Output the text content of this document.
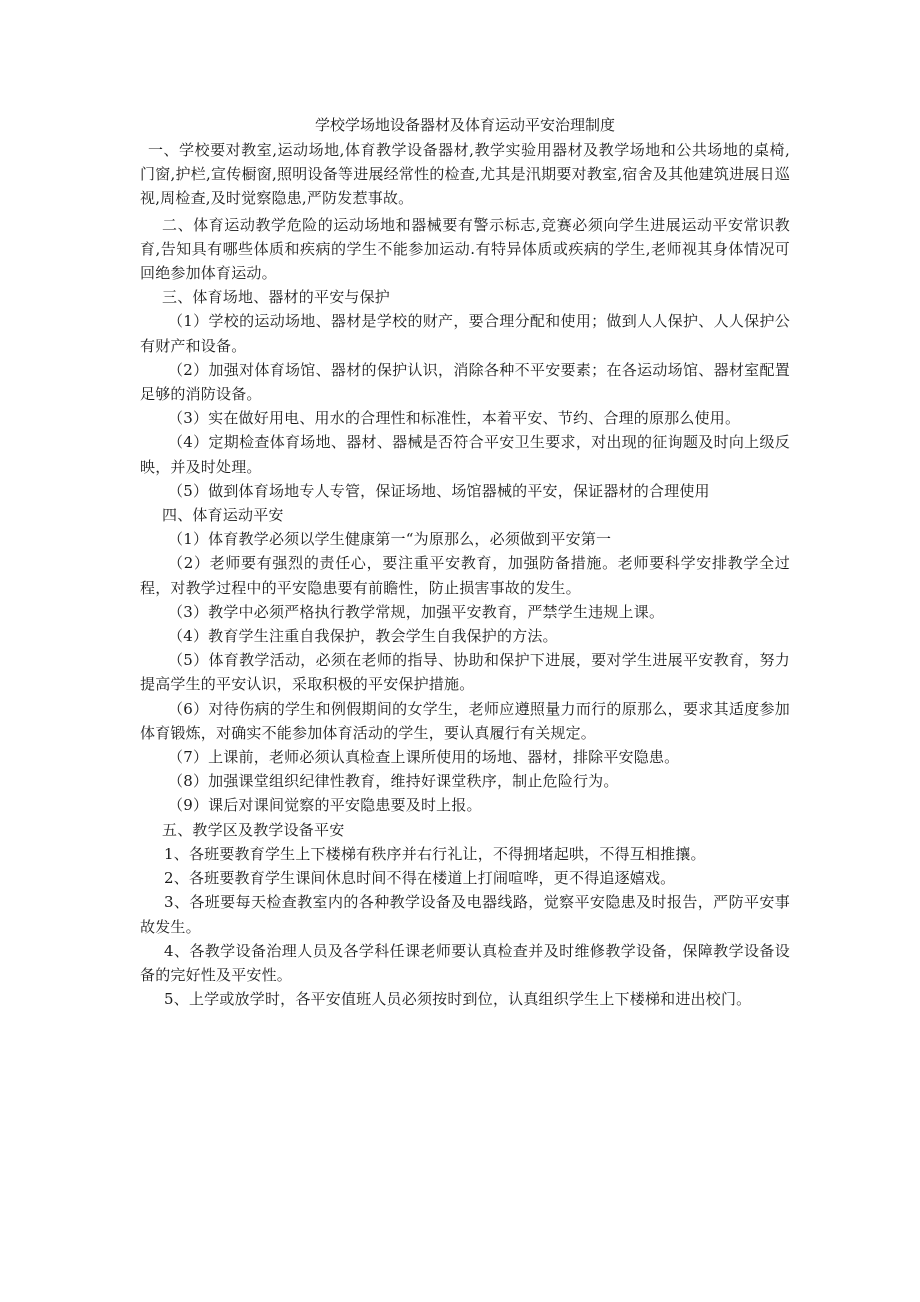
学校学场地设备器材及体育运动平安治理制度

一、学校要对教室,运动场地,体育教学设备器材,教学实验用器材及教学场地和公共场地的桌椅,门窗,护栏,宣传橱窗,照明设备等进展经常性的检查,尤其是汛期要对教室,宿舍及其他建筑进展日巡视,周检查,及时觉察隐患,严防发惹事故。

二、体育运动教学危险的运动场地和器械要有警示标志,竞赛必须向学生进展运动平安常识教育,告知具有哪些体质和疾病的学生不能参加运动.有特异体质或疾病的学生,老师视其身体情况可回绝参加体育运动。

三、体育场地、器材的平安与保护

（1）学校的运动场地、器材是学校的财产，要合理分配和使用；做到人人保护、人人保护公有财产和设备。

（2）加强对体育场馆、器材的保护认识，消除各种不平安要素；在各运动场馆、器材室配置足够的消防设备。

（3）实在做好用电、用水的合理性和标准性，本着平安、节约、合理的原那么使用。

（4）定期检查体育场地、器材、器械是否符合平安卫生要求，对出现的征询题及时向上级反映，并及时处理。

（5）做到体育场地专人专管，保证场地、场馆器械的平安，保证器材的合理使用

四、体育运动平安

（1）体育教学必须以学生健康第一“为原那么，必须做到平安第一

（2）老师要有强烈的责任心，要注重平安教育，加强防备措施。老师要科学安排教学全过程，对教学过程中的平安隐患要有前瞻性，防止损害事故的发生。

（3）教学中必须严格执行教学常规，加强平安教育，严禁学生违规上课。

（4）教育学生注重自我保护，教会学生自我保护的方法。

（5）体育教学活动，必须在老师的指导、协助和保护下进展，要对学生进展平安教育，努力提高学生的平安认识，采取积极的平安保护措施。

（6）对待伤病的学生和例假期间的女学生，老师应遵照量力而行的原那么，要求其适度参加体育锻炼，对确实不能参加体育活动的学生，要认真履行有关规定。

（7）上课前，老师必须认真检查上课所使用的场地、器材，排除平安隐患。

（8）加强课堂组织纪律性教育，维持好课堂秩序，制止危险行为。

（9）课后对课间觉察的平安隐患要及时上报。

五、教学区及教学设备平安

1、各班要教育学生上下楼梯有秩序并右行礼让，不得拥堵起哄，不得互相推攘。

2、各班要教育学生课间休息时间不得在楼道上打闹喧哗，更不得追逐嬉戏。

3、各班要每天检查教室内的各种教学设备及电器线路，觉察平安隐患及时报告，严防平安事故发生。

4、各教学设备治理人员及各学科任课老师要认真检查并及时维修教学设备，保障教学设备设备的完好性及平安性。

5、上学或放学时，各平安值班人员必须按时到位，认真组织学生上下楼梯和进出校门。
